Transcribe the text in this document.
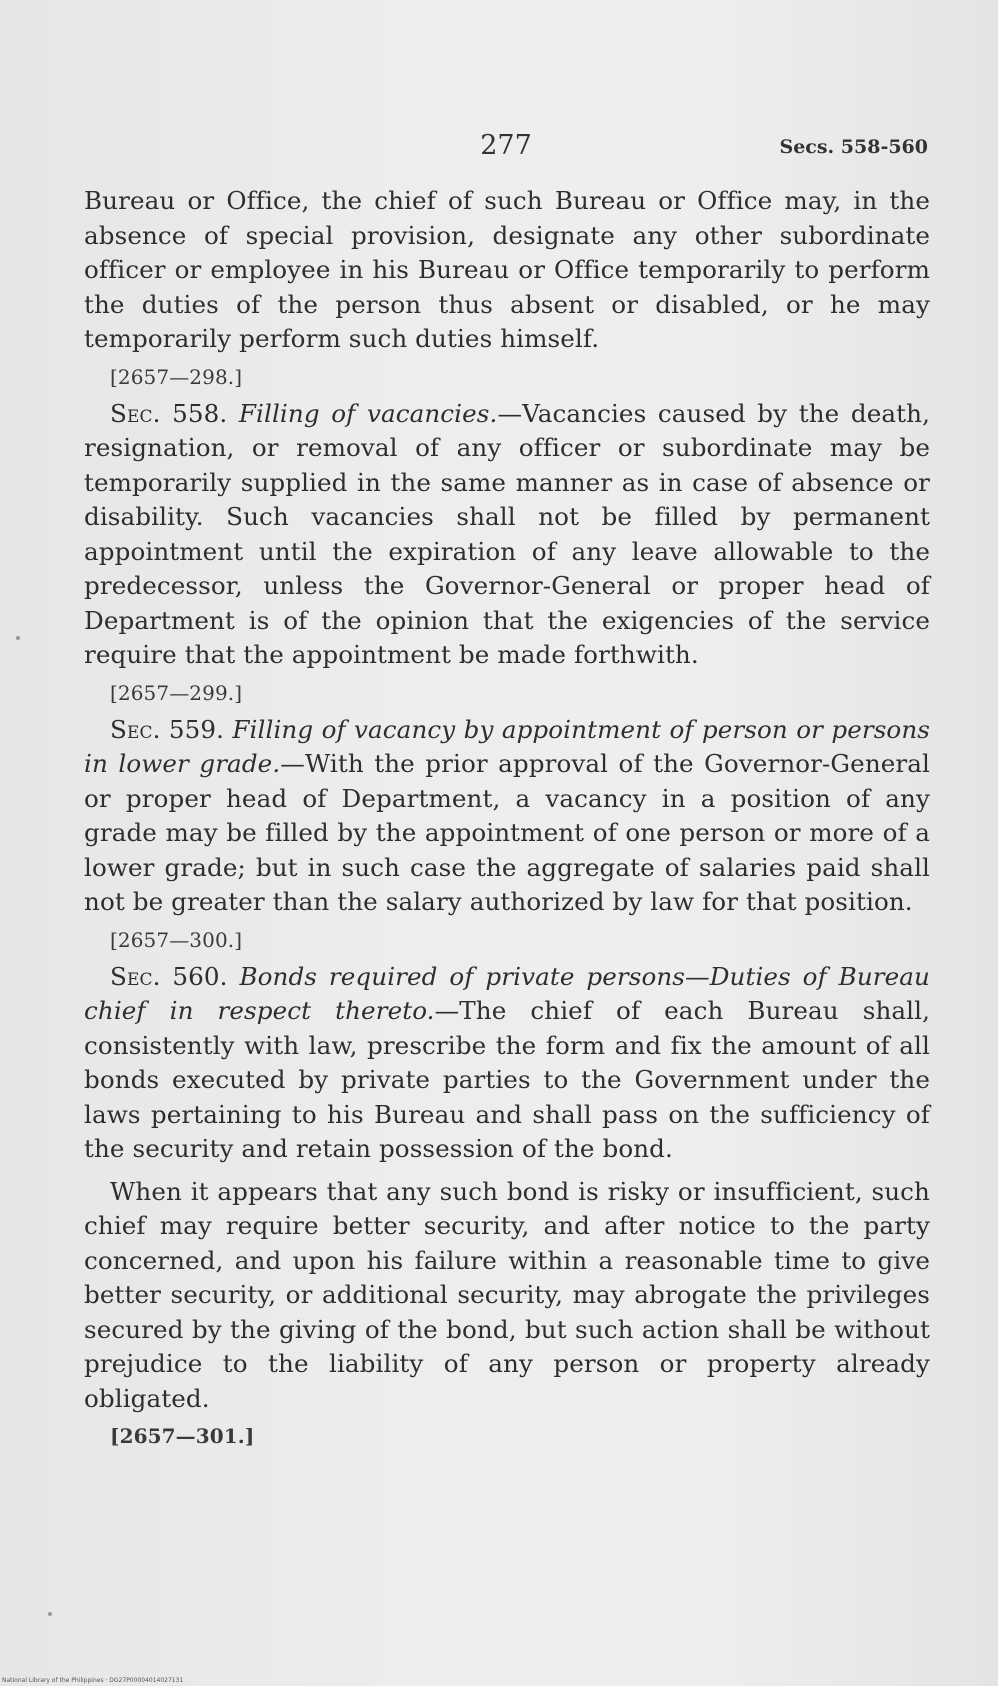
277	Secs. 558-560

Bureau or Office, the chief of such Bureau or Office may, in the absence of special provision, designate any other subordinate officer or employee in his Bureau or Office temporarily to perform the duties of the person thus absent or disabled, or he may temporarily perform such duties himself.

[2657—298.]

Sec. 558. Filling of vacancies.—Vacancies caused by the death, resignation, or removal of any officer or subordinate may be temporarily supplied in the same manner as in case of absence or disability. Such vacancies shall not be filled by permanent appointment until the expiration of any leave allowable to the predecessor, unless the Governor-General or proper head of Department is of the opinion that the exigencies of the service require that the appointment be made forthwith.

[2657—299.]

Sec. 559. Filling of vacancy by appointment of person or persons in lower grade.—With the prior approval of the Governor-General or proper head of Department, a vacancy in a position of any grade may be filled by the appointment of one person or more of a lower grade; but in such case the aggregate of salaries paid shall not be greater than the salary authorized by law for that position.

[2657—300.]

Sec. 560. Bonds required of private persons—Duties of Bureau chief in respect thereto.—The chief of each Bureau shall, consistently with law, prescribe the form and fix the amount of all bonds executed by private parties to the Government under the laws pertaining to his Bureau and shall pass on the sufficiency of the security and retain possession of the bond.

When it appears that any such bond is risky or insufficient, such chief may require better security, and after notice to the party concerned, and upon his failure within a reasonable time to give better security, or additional security, may abrogate the privileges secured by the giving of the bond, but such action shall be without prejudice to the liability of any person or property already obligated.

[2657—301.]

National Library of the Philippines · DG27P00004014027131
